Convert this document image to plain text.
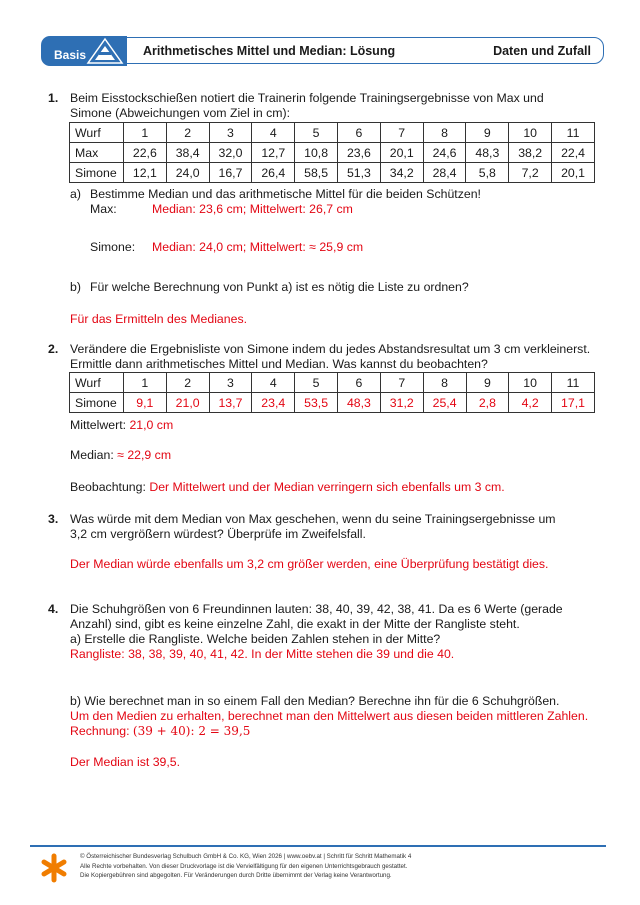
Basis	Arithmetisches Mittel und Median: Lösung	Daten und Zufall
1. Beim Eisstockschießen notiert die Trainerin folgende Trainingsergebnisse von Max und
Simone (Abweichungen vom Ziel in cm):
Wurf	1	2	3	4	5	6	7	8	9	10	11
Max	22,6	38,4	32,0	12,7	10,8	23,6	20,1	24,6	48,3	38,2	22,4
Simone	12,1	24,0	16,7	26,4	58,5	51,3	34,2	28,4	5,8	7,2	20,1
a) Bestimme Median und das arithmetische Mittel für die beiden Schützen!
Max:	Median: 23,6 cm; Mittelwert: 26,7 cm
Simone: Median: 24,0 cm; Mittelwert: ≈ 25,9 cm
b) Für welche Berechnung von Punkt a) ist es nötig die Liste zu ordnen?
Für das Ermitteln des Medianes.
2. Verändere die Ergebnisliste von Simone indem du jedes Abstandsresultat um 3 cm verkleinerst.
Ermittle dann arithmetisches Mittel und Median. Was kannst du beobachten?
Wurf	1	2	3	4	5	6	7	8	9	10	11
Simone	9,1	21,0	13,7	23,4	53,5	48,3	31,2	25,4	2,8	4,2	17,1
Mittelwert: 21,0 cm
Median: ≈ 22,9 cm
Beobachtung: Der Mittelwert und der Median verringern sich ebenfalls um 3 cm.
3. Was würde mit dem Median von Max geschehen, wenn du seine Trainingsergebnisse um
3,2 cm vergrößern würdest? Überprüfe im Zweifelsfall.
Der Median würde ebenfalls um 3,2 cm größer werden, eine Überprüfung bestätigt dies.
4. Die Schuhgrößen von 6 Freundinnen lauten: 38, 40, 39, 42, 38, 41. Da es 6 Werte (gerade
Anzahl) sind, gibt es keine einzelne Zahl, die exakt in der Mitte der Rangliste steht.
a) Erstelle die Rangliste. Welche beiden Zahlen stehen in der Mitte?
Rangliste: 38, 38, 39, 40, 41, 42. In der Mitte stehen die 39 und die 40.
b) Wie berechnet man in so einem Fall den Median? Berechne ihn für die 6 Schuhgrößen.
Um den Medien zu erhalten, berechnet man den Mittelwert aus diesen beiden mittleren Zahlen.
Rechnung: (39 + 40): 2 = 39,5
Der Median ist 39,5.
© Österreichischer Bundesverlag Schulbuch GmbH & Co. KG, Wien 2026 | www.oebv.at | Schritt für Schritt Mathematik 4
Alle Rechte vorbehalten. Von dieser Druckvorlage ist die Vervielfältigung für den eigenen Unterrichtsgebrauch gestattet.
Die Kopiergebühren sind abgegolten. Für Veränderungen durch Dritte übernimmt der Verlag keine Verantwortung.
